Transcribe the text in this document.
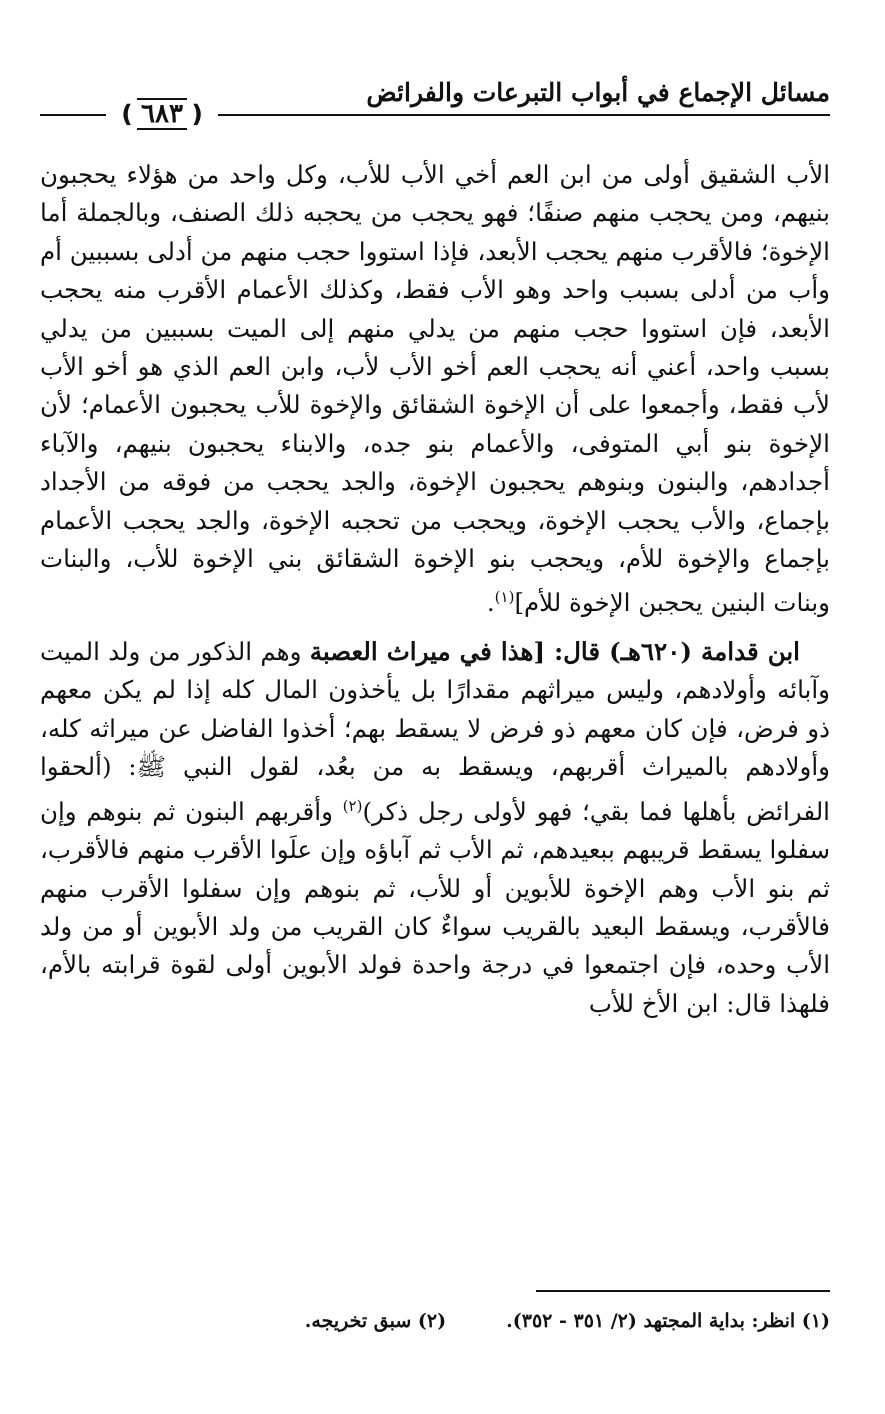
مسائل الإجماع في أبواب التبرعات والفرائض
❪ ٦٨٣ ❫

الأب الشقيق أولى من ابن العم أخي الأب للأب، وكل واحد من هؤلاء يحجبون بنيهم، ومن يحجب منهم صنفًا؛ فهو يحجب من يحجبه ذلك الصنف، وبالجملة أما الإخوة؛ فالأقرب منهم يحجب الأبعد، فإذا استووا حجب منهم من أدلى بسببين أم وأب من أدلى بسبب واحد وهو الأب فقط، وكذلك الأعمام الأقرب منه يحجب الأبعد، فإن استووا حجب منهم من يدلي منهم إلى الميت بسببين من يدلي بسبب واحد، أعني أنه يحجب العم أخو الأب لأب، وابن العم الذي هو أخو الأب لأب فقط، وأجمعوا على أن الإخوة الشقائق والإخوة للأب يحجبون الأعمام؛ لأن الإخوة بنو أبي المتوفى، والأعمام بنو جده، والابناء يحجبون بنيهم، والآباء أجدادهم، والبنون وبنوهم يحجبون الإخوة، والجد يحجب من فوقه من الأجداد بإجماع، والأب يحجب الإخوة، ويحجب من تحجبه الإخوة، والجد يحجب الأعمام بإجماع والإخوة للأم، ويحجب بنو الإخوة الشقائق بني الإخوة للأب، والبنات وبنات البنين يحجبن الإخوة للأم]$^{(١)}$.

ابن قدامة (٦٢٠هـ) قال: [هذا في ميراث العصبة وهم الذكور من ولد الميت وآبائه وأولادهم، وليس ميراثهم مقدارًا بل يأخذون المال كله إذا لم يكن معهم ذو فرض، فإن كان معهم ذو فرض لا يسقط بهم؛ أخذوا الفاضل عن ميراثه كله، وأولادهم بالميراث أقربهم، ويسقط به من بعُد، لقول النبي ﷺ: (ألحقوا الفرائض بأهلها فما بقي؛ فهو لأولى رجل ذكر)$^{(٢)}$ وأقربهم البنون ثم بنوهم وإن سفلوا يسقط قريبهم ببعيدهم، ثم الأب ثم آباؤه وإن علَوا الأقرب منهم فالأقرب، ثم بنو الأب وهم الإخوة للأبوين أو للأب، ثم بنوهم وإن سفلوا الأقرب منهم فالأقرب، ويسقط البعيد بالقريب سواءٌ كان القريب من ولد الأبوين أو من ولد الأب وحده، فإن اجتمعوا في درجة واحدة فولد الأبوين أولى لقوة قرابته بالأم، فلهذا قال: ابن الأخ للأب

(١) انظر: بداية المجتهد (٢/ ٣٥١ - ٣٥٢).
(٢) سبق تخريجه.
